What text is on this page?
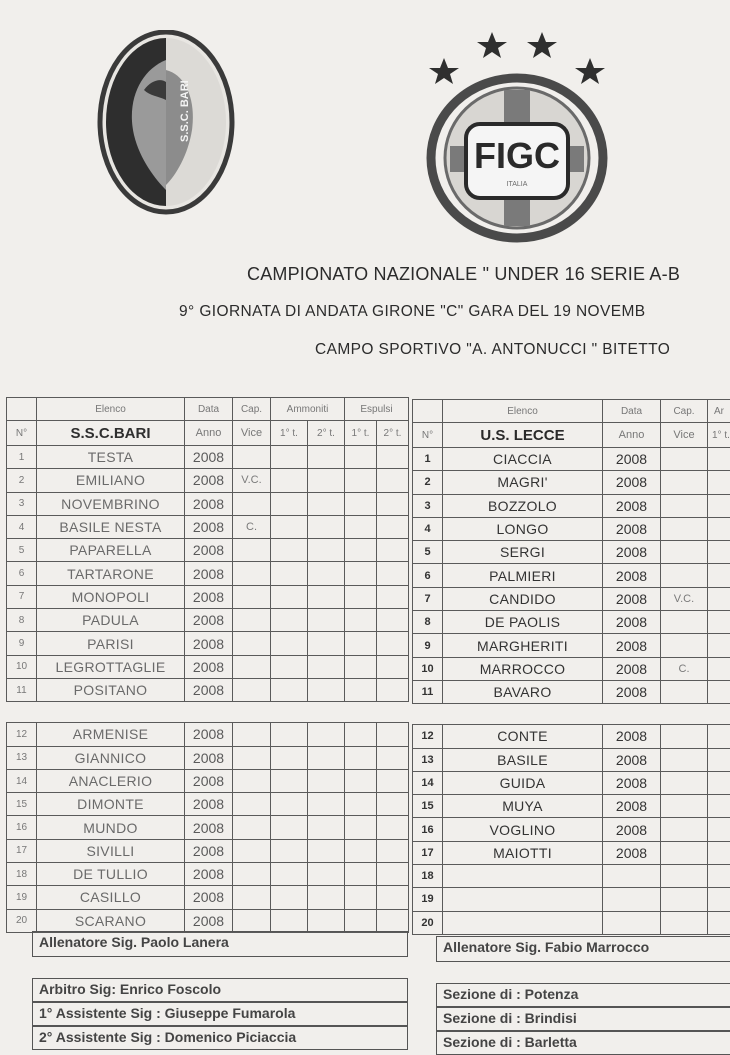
S.S.C. BARI
FIGC
ITALIA
CAMPIONATO NAZIONALE " UNDER 16 SERIE A-B
9° GIORNATA DI ANDATA GIRONE "C" GARA DEL 19 NOVEMB
CAMPO SPORTIVO "A. ANTONUCCI " BITETTO
	Elenco	Data	Cap.	Ammoniti		Espulsi	
N°	S.S.C.BARI	Anno	Vice	1° t.	2° t.	1° t.	2° t.
1	TESTA	2008					
2	EMILIANO	2008	V.C.				
3	NOVEMBRINO	2008					
4	BASILE NESTA	2008	C.				
5	PAPARELLA	2008					
6	TARTARONE	2008					
7	MONOPOLI	2008					
8	PADULA	2008					
9	PARISI	2008					
10	LEGROTTAGLIE	2008					
11	POSITANO	2008					

12	ARMENISE	2008					
13	GIANNICO	2008					
14	ANACLERIO	2008					
15	DIMONTE	2008					
16	MUNDO	2008					
17	SIVILLI	2008					
18	DE TULLIO	2008					
19	CASILLO	2008					
20	SCARANO	2008					
	Elenco	Data	Cap.	Ar
N°	U.S. LECCE	Anno	Vice	1° t.
1	CIACCIA	2008		
2	MAGRI'	2008		
3	BOZZOLO	2008		
4	LONGO	2008		
5	SERGI	2008		
6	PALMIERI	2008		
7	CANDIDO	2008	V.C.	
8	DE PAOLIS	2008		
9	MARGHERITI	2008		
10	MARROCCO	2008	C.	
11	BAVARO	2008		

12	CONTE	2008		
13	BASILE	2008		
14	GUIDA	2008		
15	MUYA	2008		
16	VOGLINO	2008		
17	MAIOTTI	2008		
18				
19				
20				
Allenatore Sig. Paolo Lanera	Allenatore Sig. Fabio Marrocco
Arbitro Sig: Enrico Foscolo
1° Assistente Sig : Giuseppe Fumarola
2° Assistente Sig : Domenico Piciaccia
Sezione di : Potenza
Sezione di : Brindisi
Sezione di : Barletta
